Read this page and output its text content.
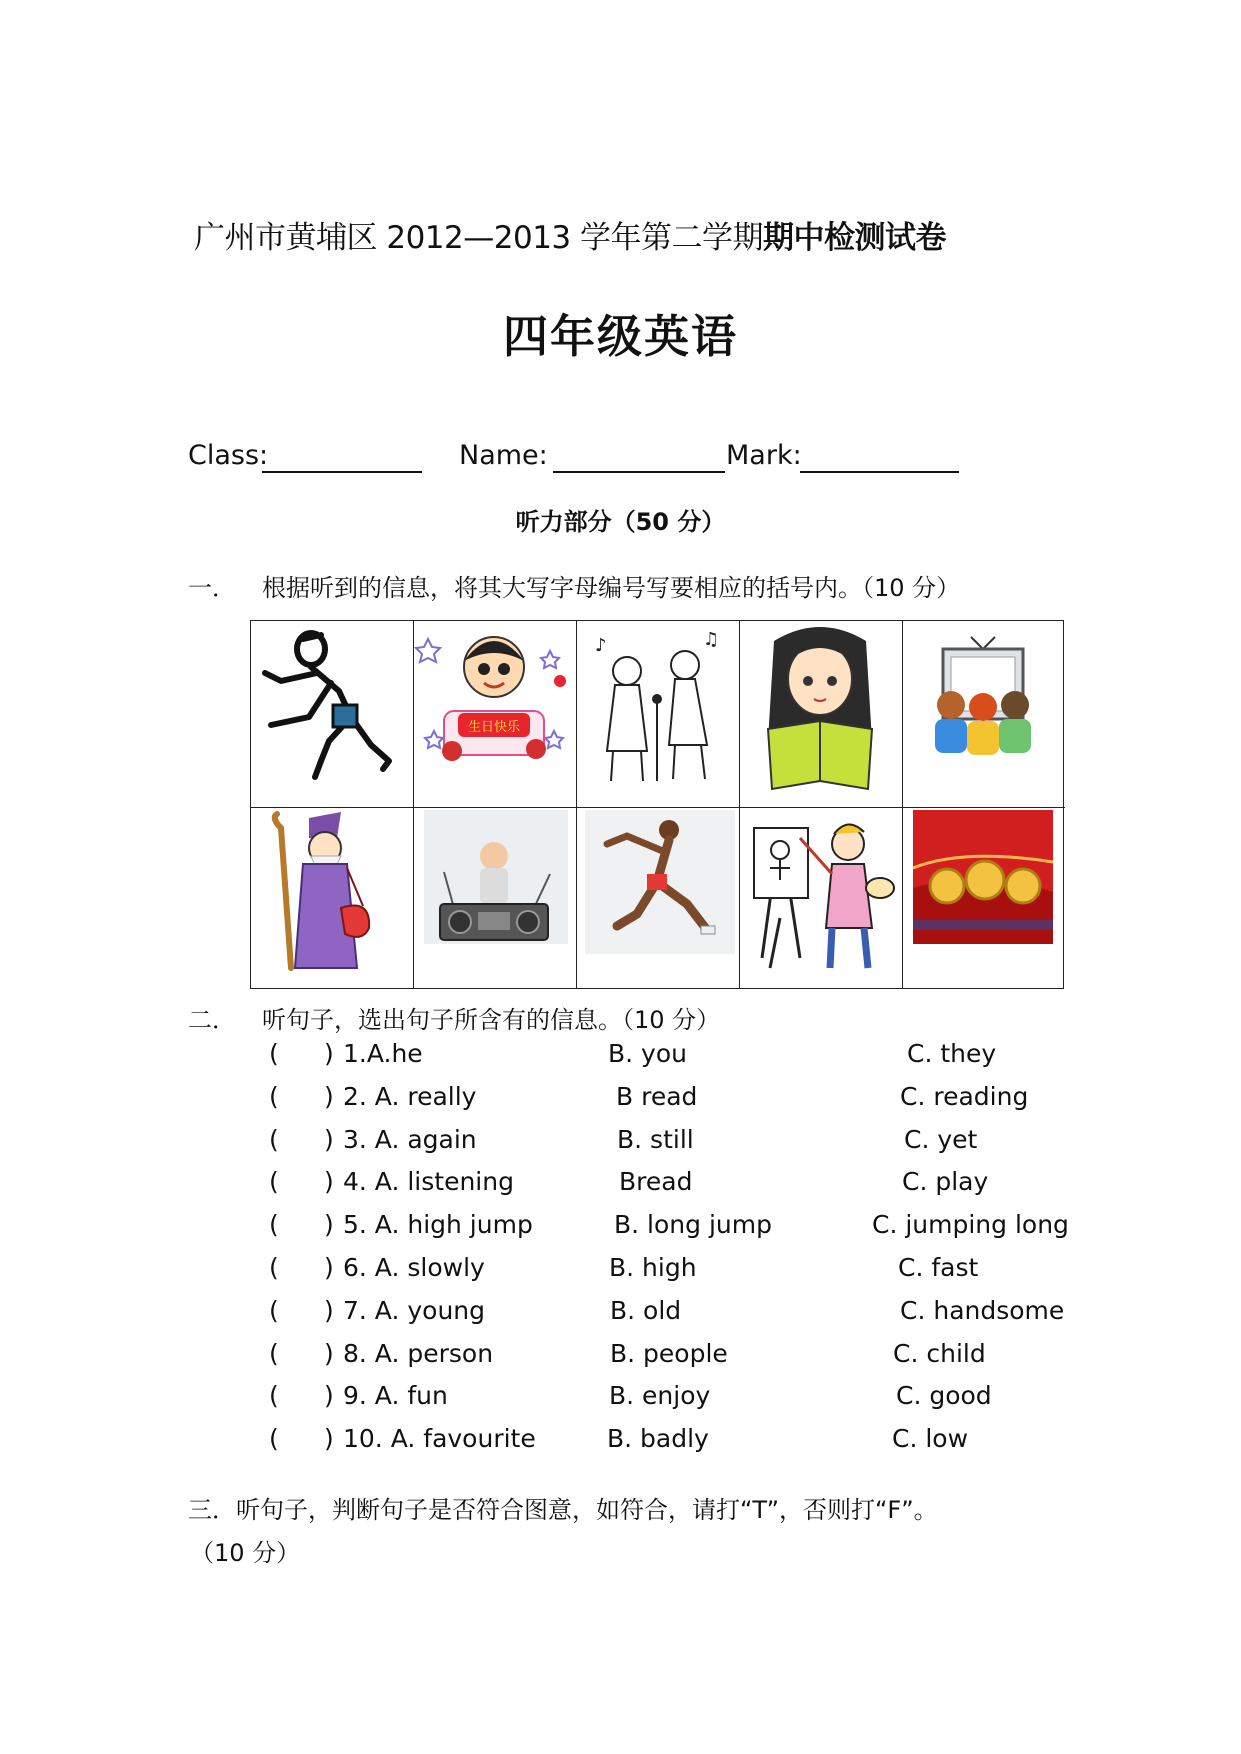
广州市黄埔区 2012—2013 学年第二学期期中检测试卷
四年级英语
Class:	Name:	Mark:
听力部分（50 分）
一． 根据听到的信息，将其大写字母编号写要相应的括号内。（10 分）
生日快乐
♪	♫
二． 听句子，选出句子所含有的信息。（10 分）
( ) 1.A.he	B. you	C. they
( ) 2. A. really	B read	C. reading
( ) 3. A. again	B. still	C. yet
( ) 4. A. listening	Bread	C. play
( ) 5. A. high jump	B. long jump	C. jumping long
( ) 6. A. slowly	B. high	C. fast
( ) 7. A. young	B. old	C. handsome
( ) 8. A. person	B. people	C. child
( ) 9. A. fun	B. enjoy	C. good
( ) 10. A. favourite	B. badly	C. low
三．听句子，判断句子是否符合图意，如符合，请打“T”，否则打“F”。
（10 分）
